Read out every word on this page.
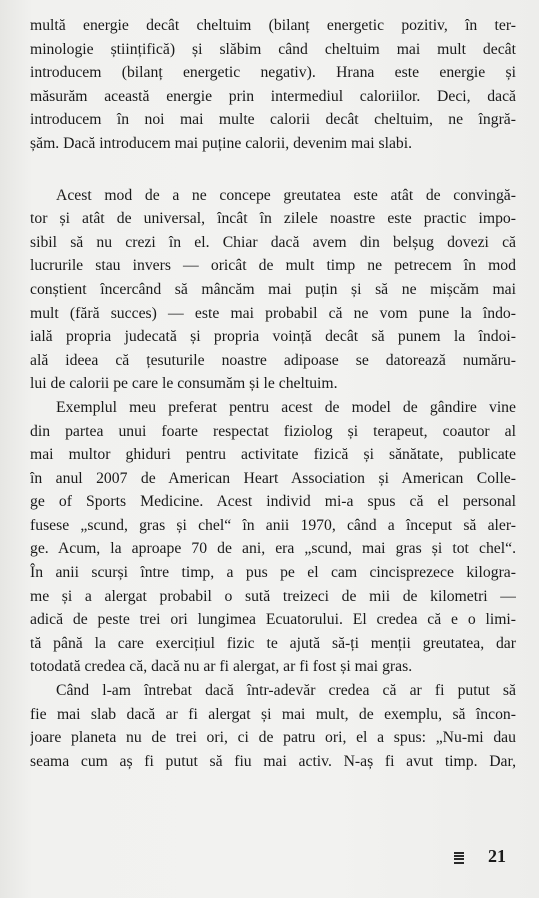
multă energie decât cheltuim (bilanț energetic pozitiv, în ter-
minologie științifică) și slăbim când cheltuim mai mult decât
introducem (bilanț energetic negativ). Hrana este energie și
măsurăm această energie prin intermediul caloriilor. Deci, dacă
introducem în noi mai multe calorii decât cheltuim, ne îngră-
șăm. Dacă introducem mai puține calorii, devenim mai slabi.
Acest mod de a ne concepe greutatea este atât de convingă-
tor și atât de universal, încât în zilele noastre este practic impo-
sibil să nu crezi în el. Chiar dacă avem din belșug dovezi că
lucrurile stau invers — oricât de mult timp ne petrecem în mod
conștient încercând să mâncăm mai puțin și să ne mișcăm mai
mult (fără succes) — este mai probabil că ne vom pune la îndo-
ială propria judecată și propria voință decât să punem la îndoi-
ală ideea că țesuturile noastre adipoase se datorează număru-
lui de calorii pe care le consumăm și le cheltuim.
Exemplul meu preferat pentru acest de model de gândire vine
din partea unui foarte respectat fiziolog și terapeut, coautor al
mai multor ghiduri pentru activitate fizică și sănătate, publicate
în anul 2007 de American Heart Association și American Colle-
ge of Sports Medicine. Acest individ mi-a spus că el personal
fusese „scund, gras și chel“ în anii 1970, când a început să aler-
ge. Acum, la aproape 70 de ani, era „scund, mai gras și tot chel“.
În anii scurși între timp, a pus pe el cam cincisprezece kilogra-
me și a alergat probabil o sută treizeci de mii de kilometri —
adică de peste trei ori lungimea Ecuatorului. El credea că e o limi-
tă până la care exercițiul fizic te ajută să-ți menții greutatea, dar
totodată credea că, dacă nu ar fi alergat, ar fi fost și mai gras.
Când l-am întrebat dacă într-adevăr credea că ar fi putut să
fie mai slab dacă ar fi alergat și mai mult, de exemplu, să încon-
joare planeta nu de trei ori, ci de patru ori, el a spus: „Nu-mi dau
seama cum aș fi putut să fiu mai activ. N-aș fi avut timp. Dar,
21
